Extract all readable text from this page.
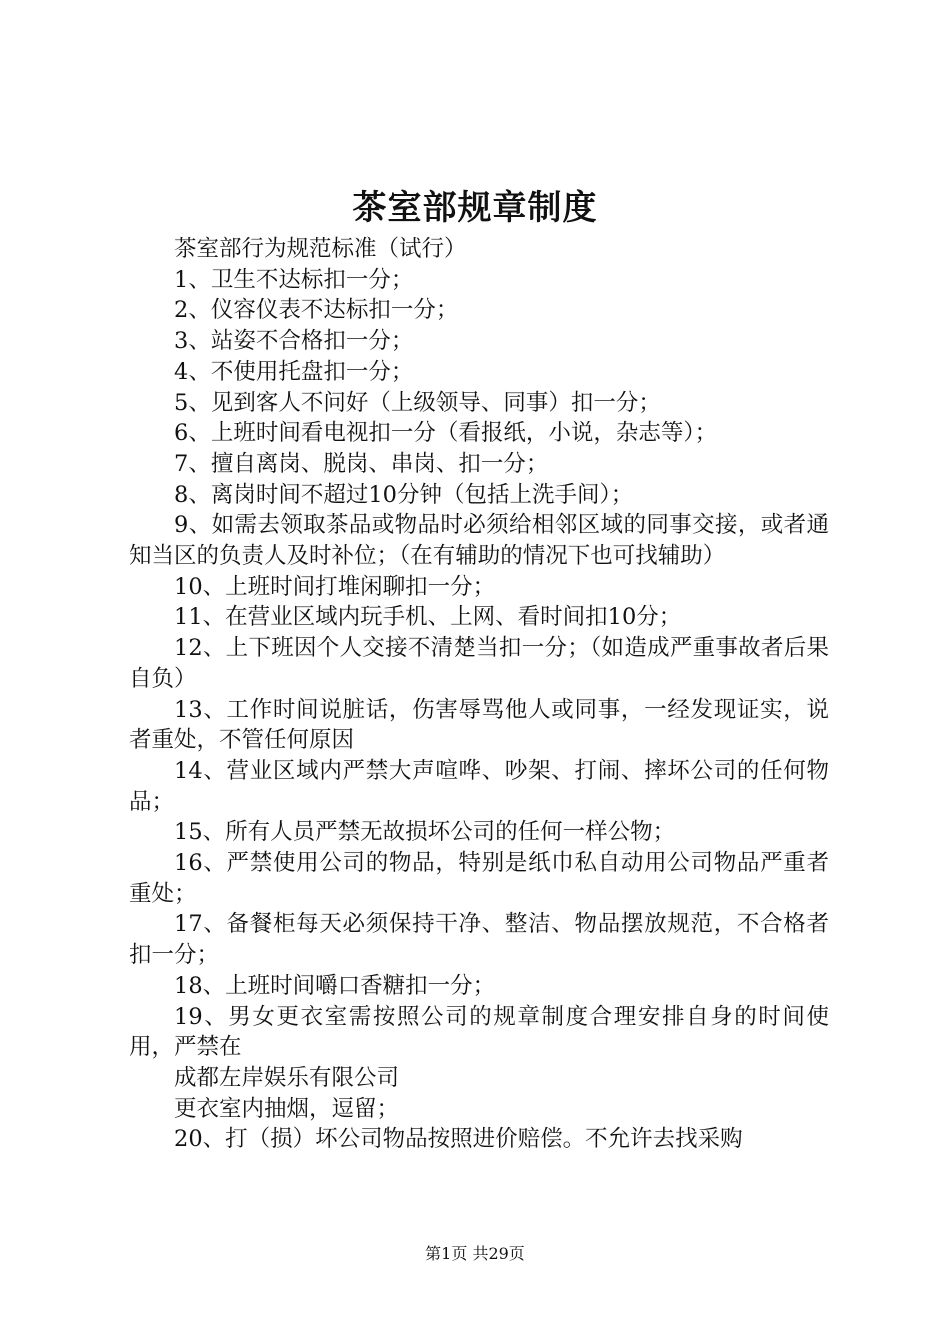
茶室部规章制度

茶室部行为规范标准（试行）

1、卫生不达标扣一分；

2、仪容仪表不达标扣一分；

3、站姿不合格扣一分；

4、不使用托盘扣一分；

5、见到客人不问好（上级领导、同事）扣一分；

6、上班时间看电视扣一分（看报纸，小说，杂志等）；

7、擅自离岗、脱岗、串岗、扣一分；

8、离岗时间不超过10分钟（包括上洗手间）；

9、如需去领取茶品或物品时必须给相邻区域的同事交接，或者通知当区的负责人及时补位；（在有辅助的情况下也可找辅助）

10、上班时间打堆闲聊扣一分；

11、在营业区域内玩手机、上网、看时间扣10分；

12、上下班因个人交接不清楚当扣一分；（如造成严重事故者后果自负）

13、工作时间说脏话，伤害辱骂他人或同事，一经发现证实，说者重处，不管任何原因

14、营业区域内严禁大声喧哗、吵架、打闹、摔坏公司的任何物品；

15、所有人员严禁无故损坏公司的任何一样公物；

16、严禁使用公司的物品，特别是纸巾私自动用公司物品严重者重处；

17、备餐柜每天必须保持干净、整洁、物品摆放规范，不合格者扣一分；

18、上班时间嚼口香糖扣一分；

19、男女更衣室需按照公司的规章制度合理安排自身的时间使用，严禁在

成都左岸娱乐有限公司

更衣室内抽烟，逗留；

20、打（损）坏公司物品按照进价赔偿。不允许去找采购

第1页 共29页
